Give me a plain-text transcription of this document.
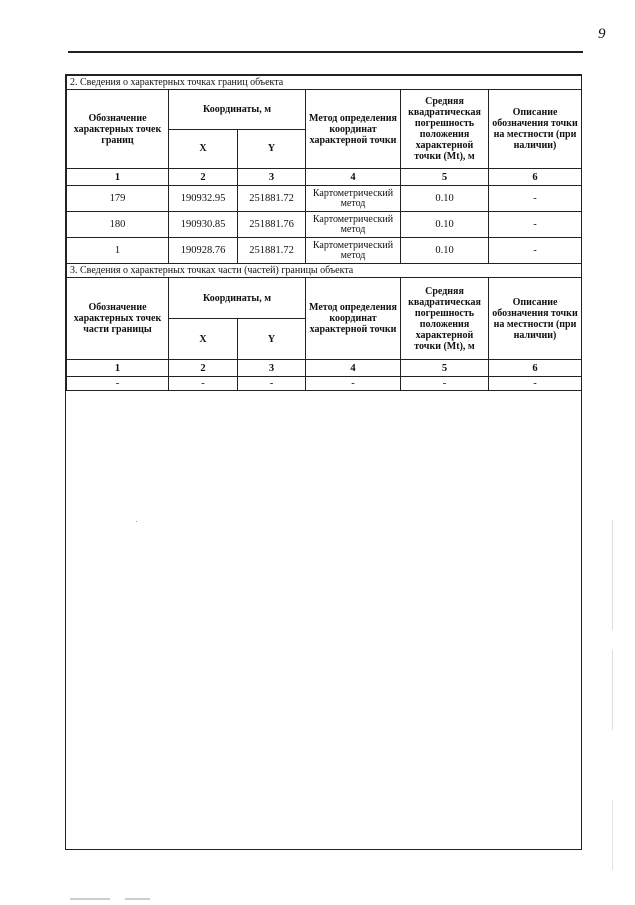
9
2. Сведения о характерных точках границ объекта					
Обозначение характерных точек границ	Координаты, м		Метод определения координат характерной точки	Средняя квадратическая погрешность положения характерной точки (Mt), м	Описание обозначения точки на местности (при наличии)
	X	Y			
1	2	3	4	5	6
179	190932.95	251881.72	Картометрический метод	0.10	-
180	190930.85	251881.76	Картометрический метод	0.10	-
1	190928.76	251881.72	Картометрический метод	0.10	-
3. Сведения о характерных точках части (частей) границы объекта					
Обозначение характерных точек части границы	Координаты, м		Метод определения координат характерной точки	Средняя квадратическая погрешность положения характерной точки (Mt), м	Описание обозначения точки на местности (при наличии)
	X	Y			
1	2	3	4	5	6
-	-	-	-	-	-
